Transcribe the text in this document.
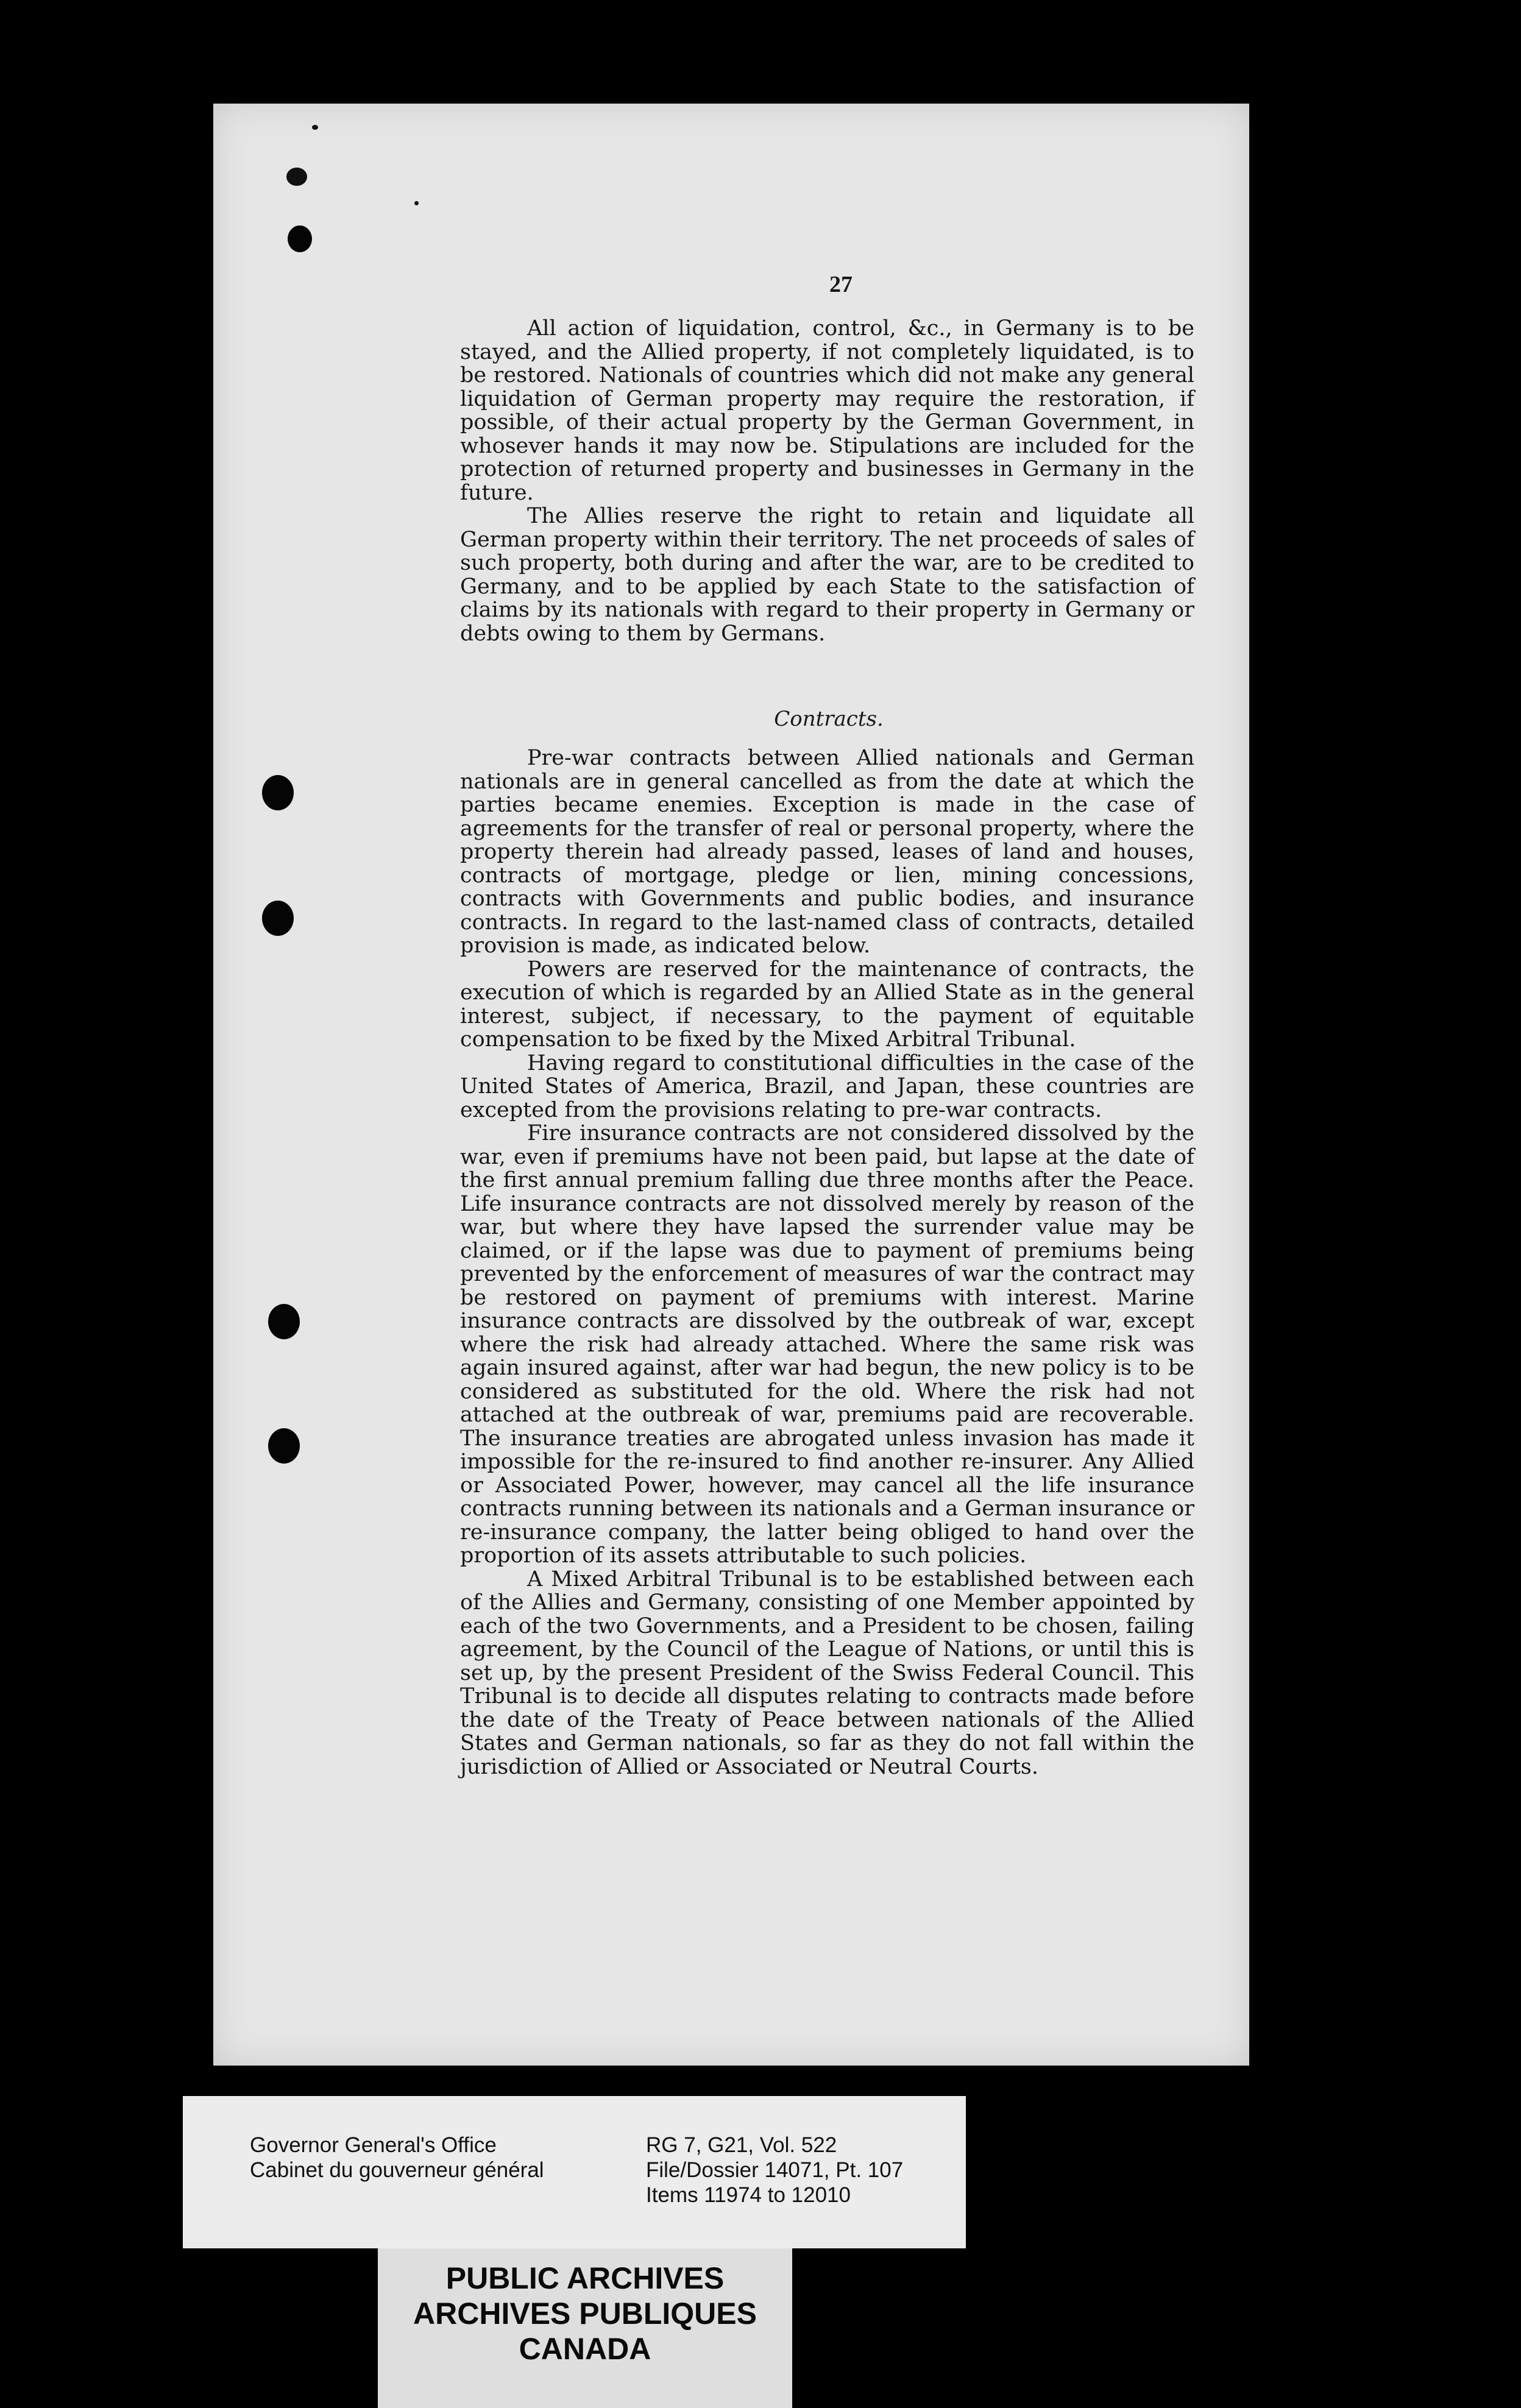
27

All action of liquidation, control, &c., in Germany is to be stayed, and the Allied property, if not completely liquidated, is to be restored. Nationals of countries which did not make any general liquidation of German property may require the restoration, if possible, of their actual property by the German Government, in whosever hands it may now be. Stipulations are included for the protection of returned property and businesses in Germany in the future.

The Allies reserve the right to retain and liquidate all German property within their territory. The net proceeds of sales of such property, both during and after the war, are to be credited to Germany, and to be applied by each State to the satisfaction of claims by its nationals with regard to their property in Germany or debts owing to them by Germans.

Contracts.

Pre-war contracts between Allied nationals and German nationals are in general cancelled as from the date at which the parties became enemies. Exception is made in the case of agreements for the transfer of real or personal property, where the property therein had already passed, leases of land and houses, contracts of mortgage, pledge or lien, mining concessions, contracts with Governments and public bodies, and insurance contracts. In regard to the last-named class of contracts, detailed provision is made, as indicated below.

Powers are reserved for the maintenance of contracts, the execution of which is regarded by an Allied State as in the general interest, subject, if necessary, to the payment of equitable compensation to be fixed by the Mixed Arbitral Tribunal.

Having regard to constitutional difficulties in the case of the United States of America, Brazil, and Japan, these countries are excepted from the provisions relating to pre-war contracts.

Fire insurance contracts are not considered dissolved by the war, even if premiums have not been paid, but lapse at the date of the first annual premium falling due three months after the Peace. Life insurance contracts are not dissolved merely by reason of the war, but where they have lapsed the surrender value may be claimed, or if the lapse was due to payment of premiums being prevented by the enforcement of measures of war the contract may be restored on payment of premiums with interest. Marine insurance contracts are dissolved by the outbreak of war, except where the risk had already attached. Where the same risk was again insured against, after war had begun, the new policy is to be considered as substituted for the old. Where the risk had not attached at the outbreak of war, premiums paid are recoverable. The insurance treaties are abrogated unless invasion has made it impossible for the re-insured to find another re-insurer. Any Allied or Associated Power, however, may cancel all the life insurance contracts running between its nationals and a German insurance or re-insurance company, the latter being obliged to hand over the proportion of its assets attributable to such policies.

A Mixed Arbitral Tribunal is to be established between each of the Allies and Germany, consisting of one Member appointed by each of the two Governments, and a President to be chosen, failing agreement, by the Council of the League of Nations, or until this is set up, by the present President of the Swiss Federal Council. This Tribunal is to decide all disputes relating to contracts made before the date of the Treaty of Peace between nationals of the Allied States and German nationals, so far as they do not fall within the jurisdiction of Allied or Associated or Neutral Courts.

Governor General's Office
Cabinet du gouverneur général
RG 7, G21, Vol. 522
File/Dossier 14071, Pt. 107
Items 11974 to 12010
PUBLIC ARCHIVES
ARCHIVES PUBLIQUES
CANADA
